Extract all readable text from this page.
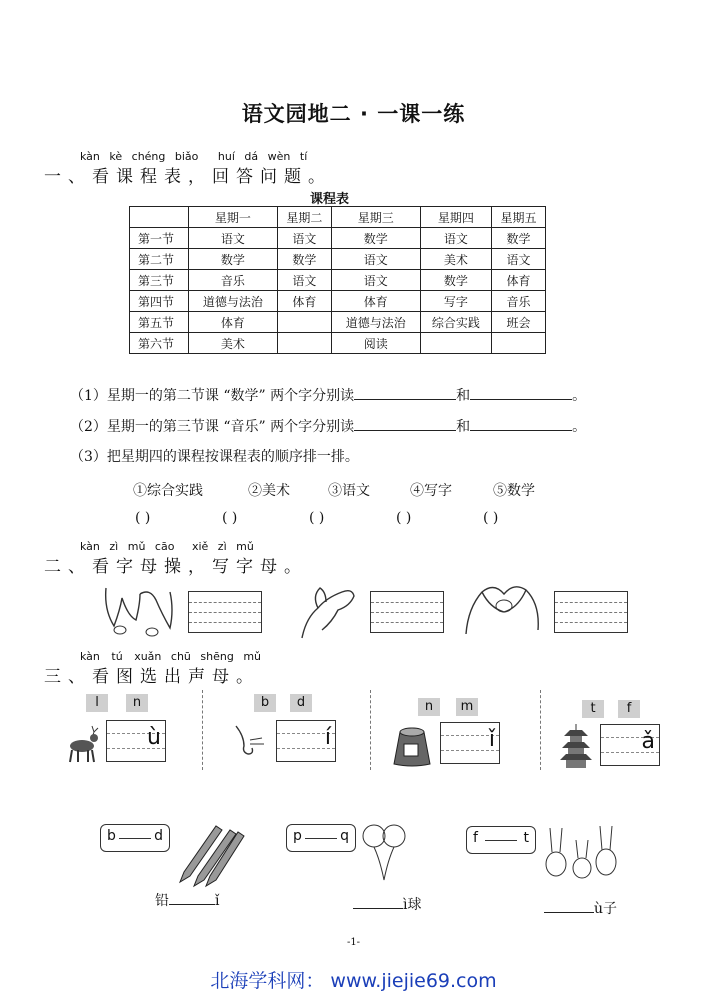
语文园地二 · 一课一练
kàn kè chéng biǎo huí dá wèn tí
一、看课程表，回答问题。
课程表
	星期一	星期二	星期三	星期四	星期五
第一节	语文	语文	数学	语文	数学
第二节	数学	数学	语文	美术	语文
第三节	音乐	语文	语文	数学	体育
第四节	道德与法治	体育	体育	写字	音乐
第五节	体育		道德与法治	综合实践	班会
第六节	美术		阅读		
（1）星期一的第二节课 “数学” 两个字分别读	和	。
（2）星期一的第三节课 “音乐” 两个字分别读	和	。
（3）把星期四的课程按课程表的顺序排一排。
①综合实践	②美术	③语文	④写字	⑤数学
( )	( )	( )	( )	( )
kàn zì mǔ cāo xiě zì mǔ
二、看字母操，写字母。
kàn tú xuǎn chū shēng mǔ
三、看图选出声母。
l	n
ù
b	d
í
n	m
ǐ
t	f
ǎ
b	d
铅	ǐ
p	q
ì球
f	t
ù子
-1-
北海学科网： www.jiejie69.com
